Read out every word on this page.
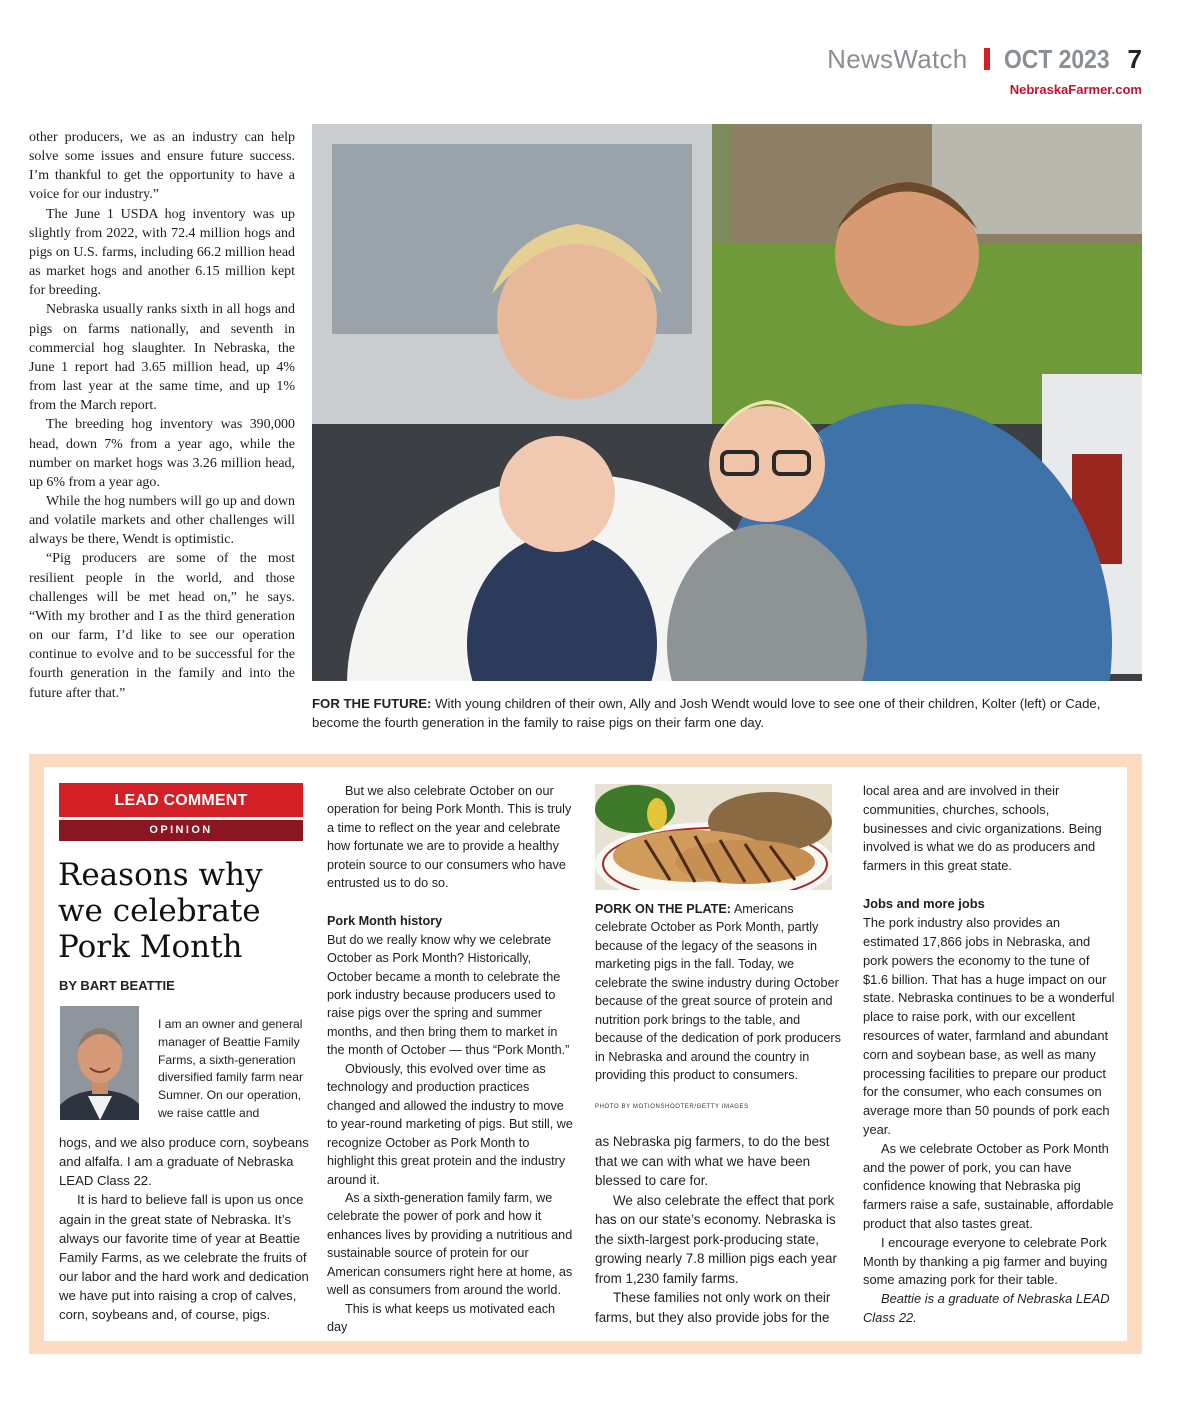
NewsWatch OCT 2023 7
NebraskaFarmer.com

other producers, we as an industry can help solve some issues and ensure future success. I’m thankful to get the opportunity to have a voice for our industry.”

The June 1 USDA hog inventory was up slightly from 2022, with 72.4 million hogs and pigs on U.S. farms, including 66.2 million head as market hogs and another 6.15 million kept for breeding.

Nebraska usually ranks sixth in all hogs and pigs on farms nationally, and seventh in commercial hog slaughter. In Nebraska, the June 1 report had 3.65 million head, up 4% from last year at the same time, and up 1% from the March report.

The breeding hog inventory was 390,000 head, down 7% from a year ago, while the number on market hogs was 3.26 million head, up 6% from a year ago.

While the hog numbers will go up and down and volatile markets and other challenges will always be there, Wendt is optimistic.

“Pig producers are some of the most resilient people in the world, and those challenges will be met head on,” he says. “With my brother and I as the third generation on our farm, I’d like to see our operation continue to evolve and to be successful for the fourth generation in the family and into the future after that.”

FOR THE FUTURE: With young children of their own, Ally and Josh Wendt would love to see one of their children, Kolter (left) or Cade, become the fourth generation in the family to raise pigs on their farm one day.
LEAD COMMENT
OPINION
Reasons why we celebrate Pork Month
BY BART BEATTIE

I am an owner and general manager of Beattie Family Farms, a sixth-generation diversified family farm near Sumner. On our operation, we raise cattle and

hogs, and we also produce corn, soybeans and alfalfa. I am a graduate of Nebraska LEAD Class 22.

It is hard to believe fall is upon us once again in the great state of Nebraska. It’s always our favorite time of year at Beattie Family Farms, as we celebrate the fruits of our labor and the hard work and dedication we have put into raising a crop of calves, corn, soybeans and, of course, pigs.

But we also celebrate October on our operation for being Pork Month. This is truly a time to reflect on the year and celebrate how fortunate we are to provide a healthy protein source to our consumers who have entrusted us to do so.

Pork Month history

But do we really know why we celebrate October as Pork Month? Historically, October became a month to celebrate the pork industry because producers used to raise pigs over the spring and summer months, and then bring them to market in the month of October — thus “Pork Month.”

Obviously, this evolved over time as technology and production practices changed and allowed the industry to move to year-round marketing of pigs. But still, we recognize October as Pork Month to highlight this great protein and the industry around it.

As a sixth-generation family farm, we celebrate the power of pork and how it enhances lives by providing a nutritious and sustainable source of protein for our American consumers right here at home, as well as consumers from around the world.

This is what keeps us motivated each day

PORK ON THE PLATE: Americans celebrate October as Pork Month, partly because of the legacy of the seasons in marketing pigs in the fall. Today, we celebrate the swine industry during October because of the great source of protein and nutrition pork brings to the table, and because of the dedication of pork producers in Nebraska and around the country in providing this product to consumers.
PHOTO BY MOTIONSHOOTER/GETTY IMAGES

as Nebraska pig farmers, to do the best that we can with what we have been blessed to care for.

We also celebrate the effect that pork has on our state’s economy. Nebraska is the sixth-largest pork-producing state, growing nearly 7.8 million pigs each year from 1,230 family farms.

These families not only work on their farms, but they also provide jobs for the

local area and are involved in their communities, churches, schools, businesses and civic organizations. Being involved is what we do as producers and farmers in this great state.

Jobs and more jobs

The pork industry also provides an estimated 17,866 jobs in Nebraska, and pork powers the economy to the tune of $1.6 billion. That has a huge impact on our state. Nebraska continues to be a wonderful place to raise pork, with our excellent resources of water, farmland and abundant corn and soybean base, as well as many processing facilities to prepare our product for the consumer, who each consumes on average more than 50 pounds of pork each year.

As we celebrate October as Pork Month and the power of pork, you can have confidence knowing that Nebraska pig farmers raise a safe, sustainable, affordable product that also tastes great.

I encourage everyone to celebrate Pork Month by thanking a pig farmer and buying some amazing pork for their table.

Beattie is a graduate of Nebraska LEAD Class 22.
